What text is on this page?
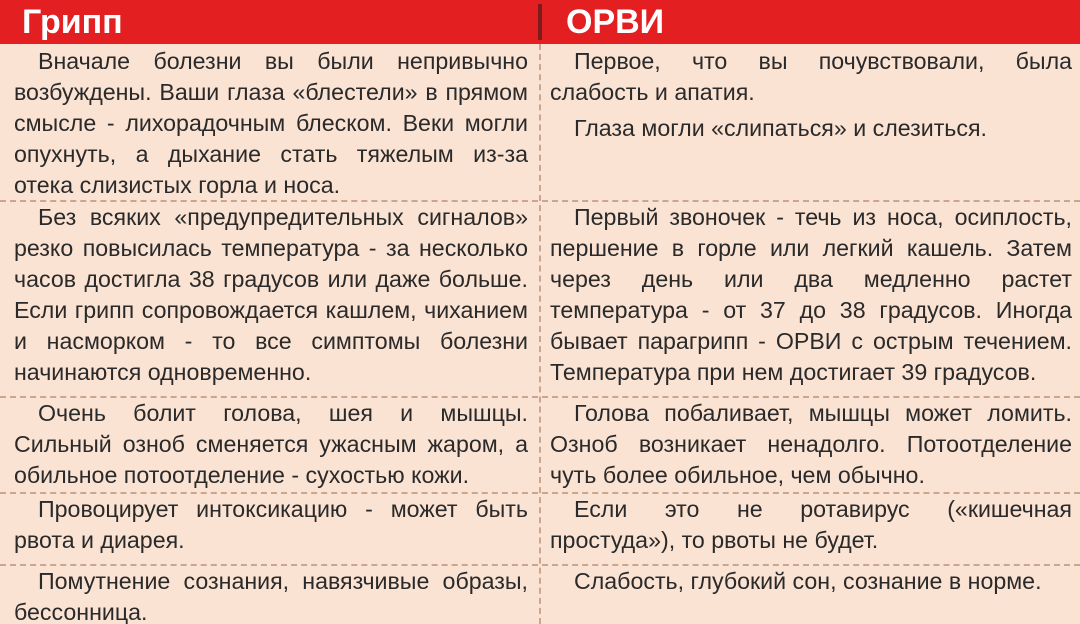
Грипп	ОРВИ

Вначале болезни вы были непривычно возбуждены. Ваши глаза «блестели» в прямом смысле - лихорадочным блеском. Веки могли опухнуть, а дыхание стать тяжелым из-за отека слизистых горла и носа.

Первое, что вы почувствовали, была слабость и апатия.

Глаза могли «слипаться» и слезиться.

Без всяких «предупредительных сигналов» резко повысилась температура - за несколько часов достигла 38 градусов или даже больше. Если грипп сопровождается кашлем, чиханием и насморком - то все симптомы болезни начинаются одновременно.

Первый звоночек - течь из носа, осиплость, першение в горле или легкий кашель. Затем через день или два медленно растет температура - от 37 до 38 градусов. Иногда бывает парагрипп - ОРВИ с острым течением. Температура при нем достигает 39 градусов.

Очень болит голова, шея и мышцы. Сильный озноб сменяется ужасным жаром, а обильное потоотделение - сухостью кожи.

Голова побаливает, мышцы может ломить. Озноб возникает ненадолго. Потоотделение чуть более обильное, чем обычно.

Провоцирует интоксикацию - может быть рвота и диарея.

Если это не ротавирус («кишечная простуда»), то рвоты не будет.

Помутнение сознания, навязчивые образы, бессонница.

Слабость, глубокий сон, сознание в норме.
